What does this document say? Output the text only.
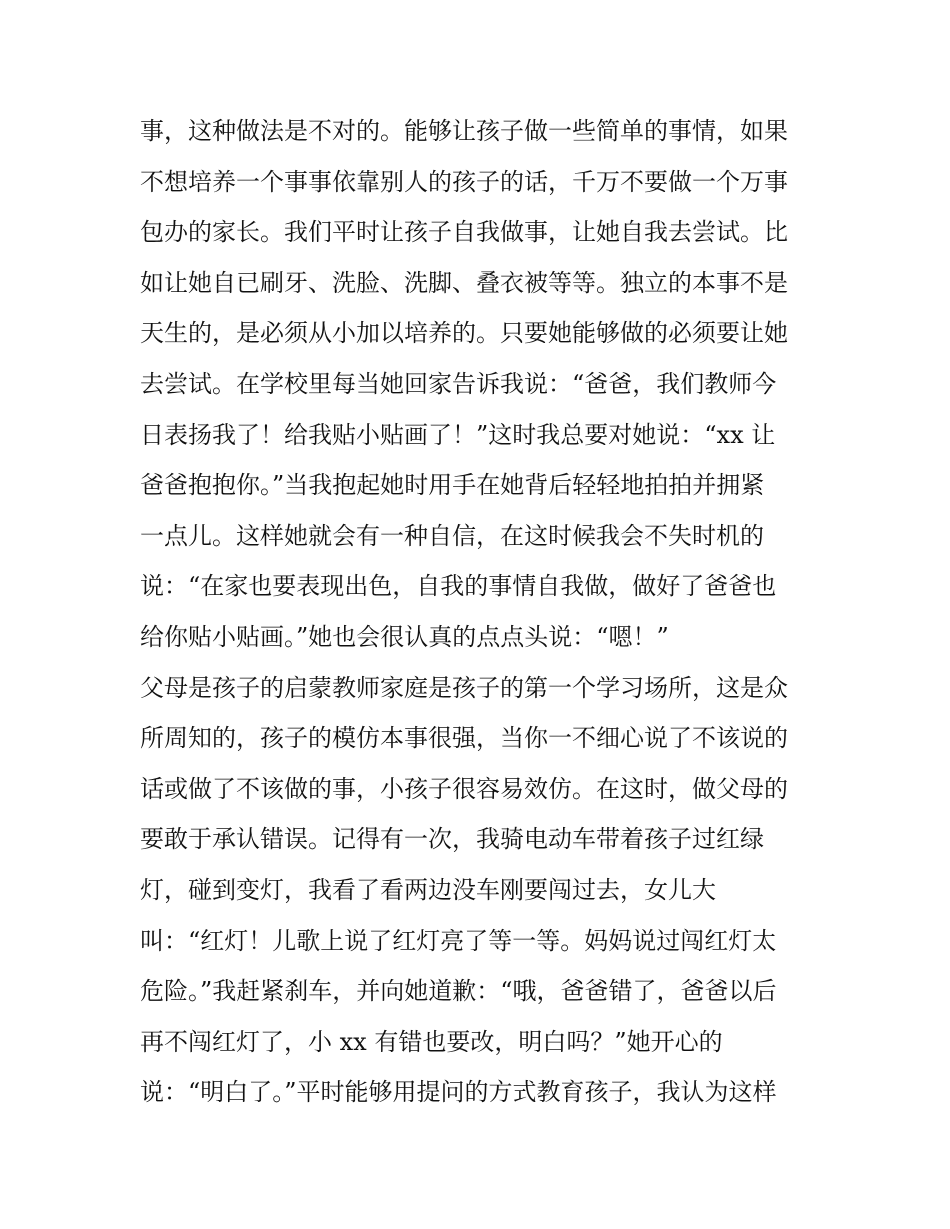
事，这种做法是不对的。能够让孩子做一些简单的事情，如果
不想培养一个事事依靠别人的孩子的话，千万不要做一个万事
包办的家长。我们平时让孩子自我做事，让她自我去尝试。比
如让她自已刷牙、洗脸、洗脚、叠衣被等等。独立的本事不是
天生的，是必须从小加以培养的。只要她能够做的必须要让她
去尝试。在学校里每当她回家告诉我说：“爸爸，我们教师今
日表扬我了！给我贴小贴画了！”这时我总要对她说：“xx 让
爸爸抱抱你。”当我抱起她时用手在她背后轻轻地拍拍并拥紧
一点儿。这样她就会有一种自信，在这时候我会不失时机的
说：“在家也要表现出色，自我的事情自我做，做好了爸爸也
给你贴小贴画。”她也会很认真的点点头说：“嗯！”
父母是孩子的启蒙教师家庭是孩子的第一个学习场所，这是众
所周知的，孩子的模仿本事很强，当你一不细心说了不该说的
话或做了不该做的事，小孩子很容易效仿。在这时，做父母的
要敢于承认错误。记得有一次，我骑电动车带着孩子过红绿
灯，碰到变灯，我看了看两边没车刚要闯过去，女儿大
叫：“红灯！儿歌上说了红灯亮了等一等。妈妈说过闯红灯太
危险。”我赶紧刹车，并向她道歉：“哦，爸爸错了，爸爸以后
再不闯红灯了，小 xx 有错也要改，明白吗？”她开心的
说：“明白了。”平时能够用提问的方式教育孩子，我认为这样
